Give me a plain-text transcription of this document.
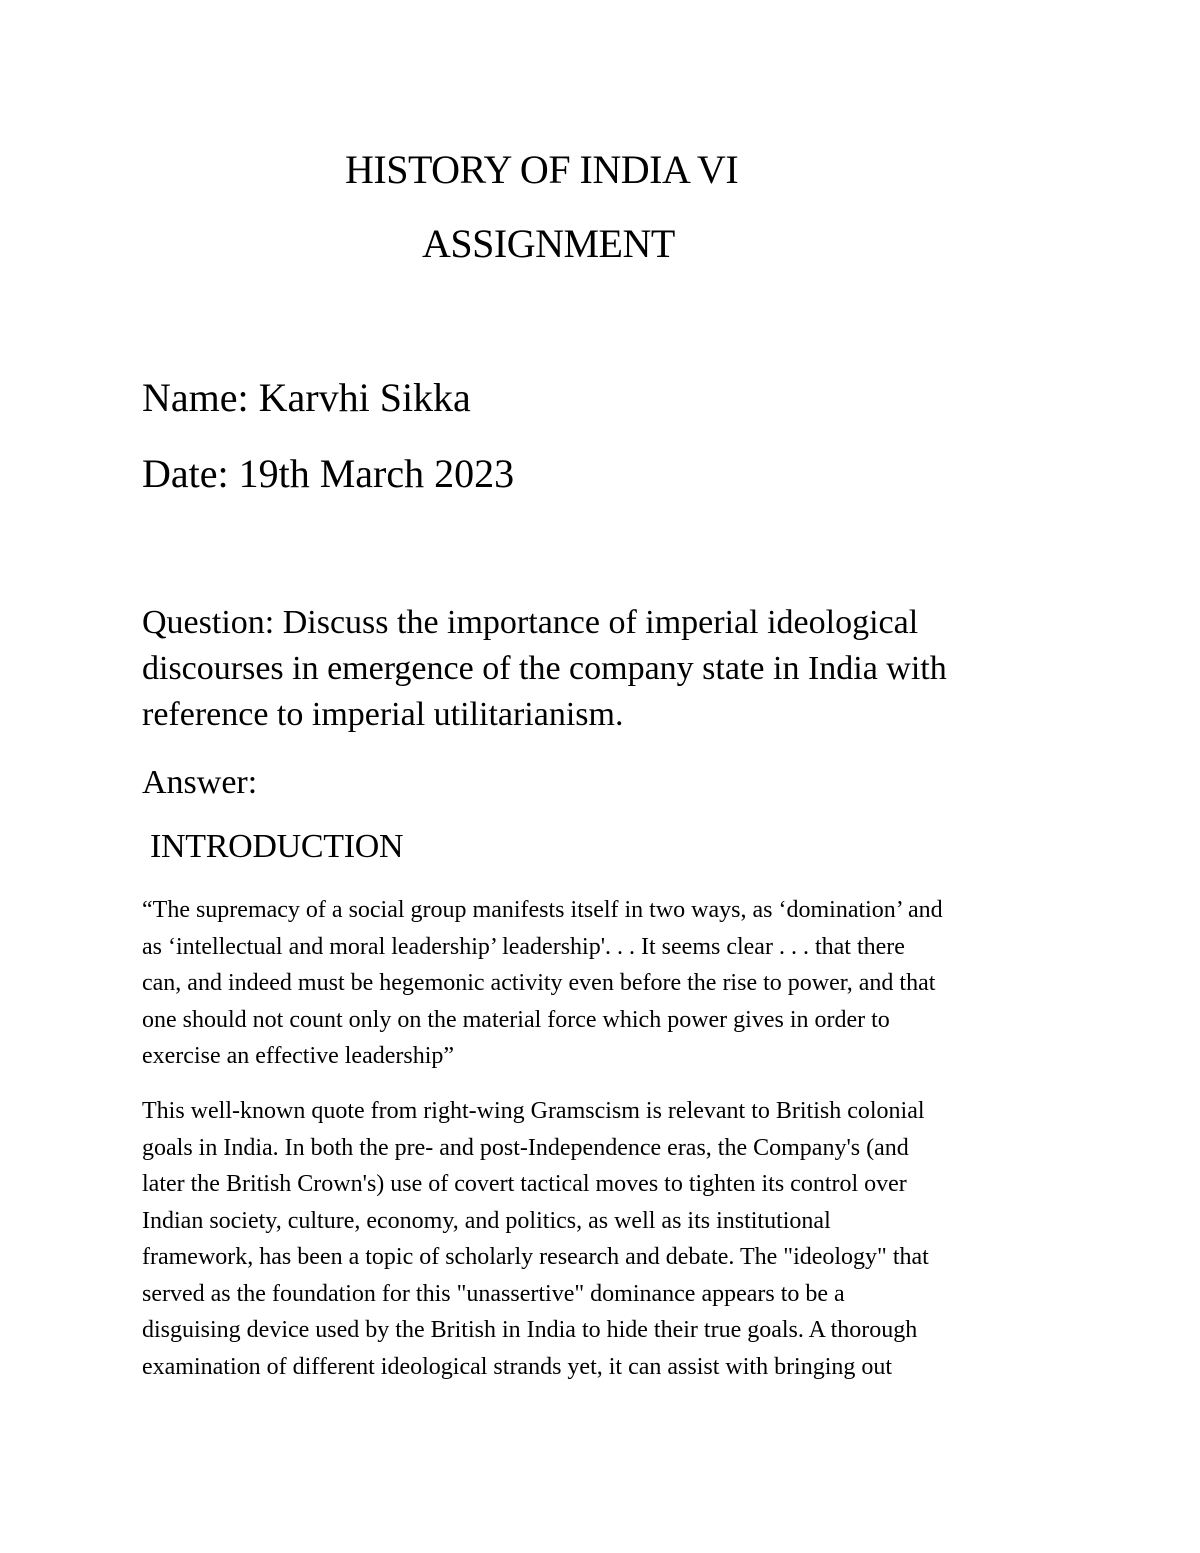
HISTORY OF INDIA VI
ASSIGNMENT
Name: Karvhi Sikka
Date: 19th March 2023
Question: Discuss the importance of imperial ideological
discourses in emergence of the company state in India with
reference to imperial utilitarianism.
Answer:
INTRODUCTION
“The supremacy of a social group manifests itself in two ways, as ‘domination’ and
as ‘intellectual and moral leadership’ leadership'. . . It seems clear . . . that there
can, and indeed must be hegemonic activity even before the rise to power, and that
one should not count only on the material force which power gives in order to
exercise an effective leadership”
This well-known quote from right-wing Gramscism is relevant to British colonial
goals in India. In both the pre- and post-Independence eras, the Company's (and
later the British Crown's) use of covert tactical moves to tighten its control over
Indian society, culture, economy, and politics, as well as its institutional
framework, has been a topic of scholarly research and debate. The "ideology" that
served as the foundation for this "unassertive" dominance appears to be a
disguising device used by the British in India to hide their true goals. A thorough
examination of different ideological strands yet, it can assist with bringing out
